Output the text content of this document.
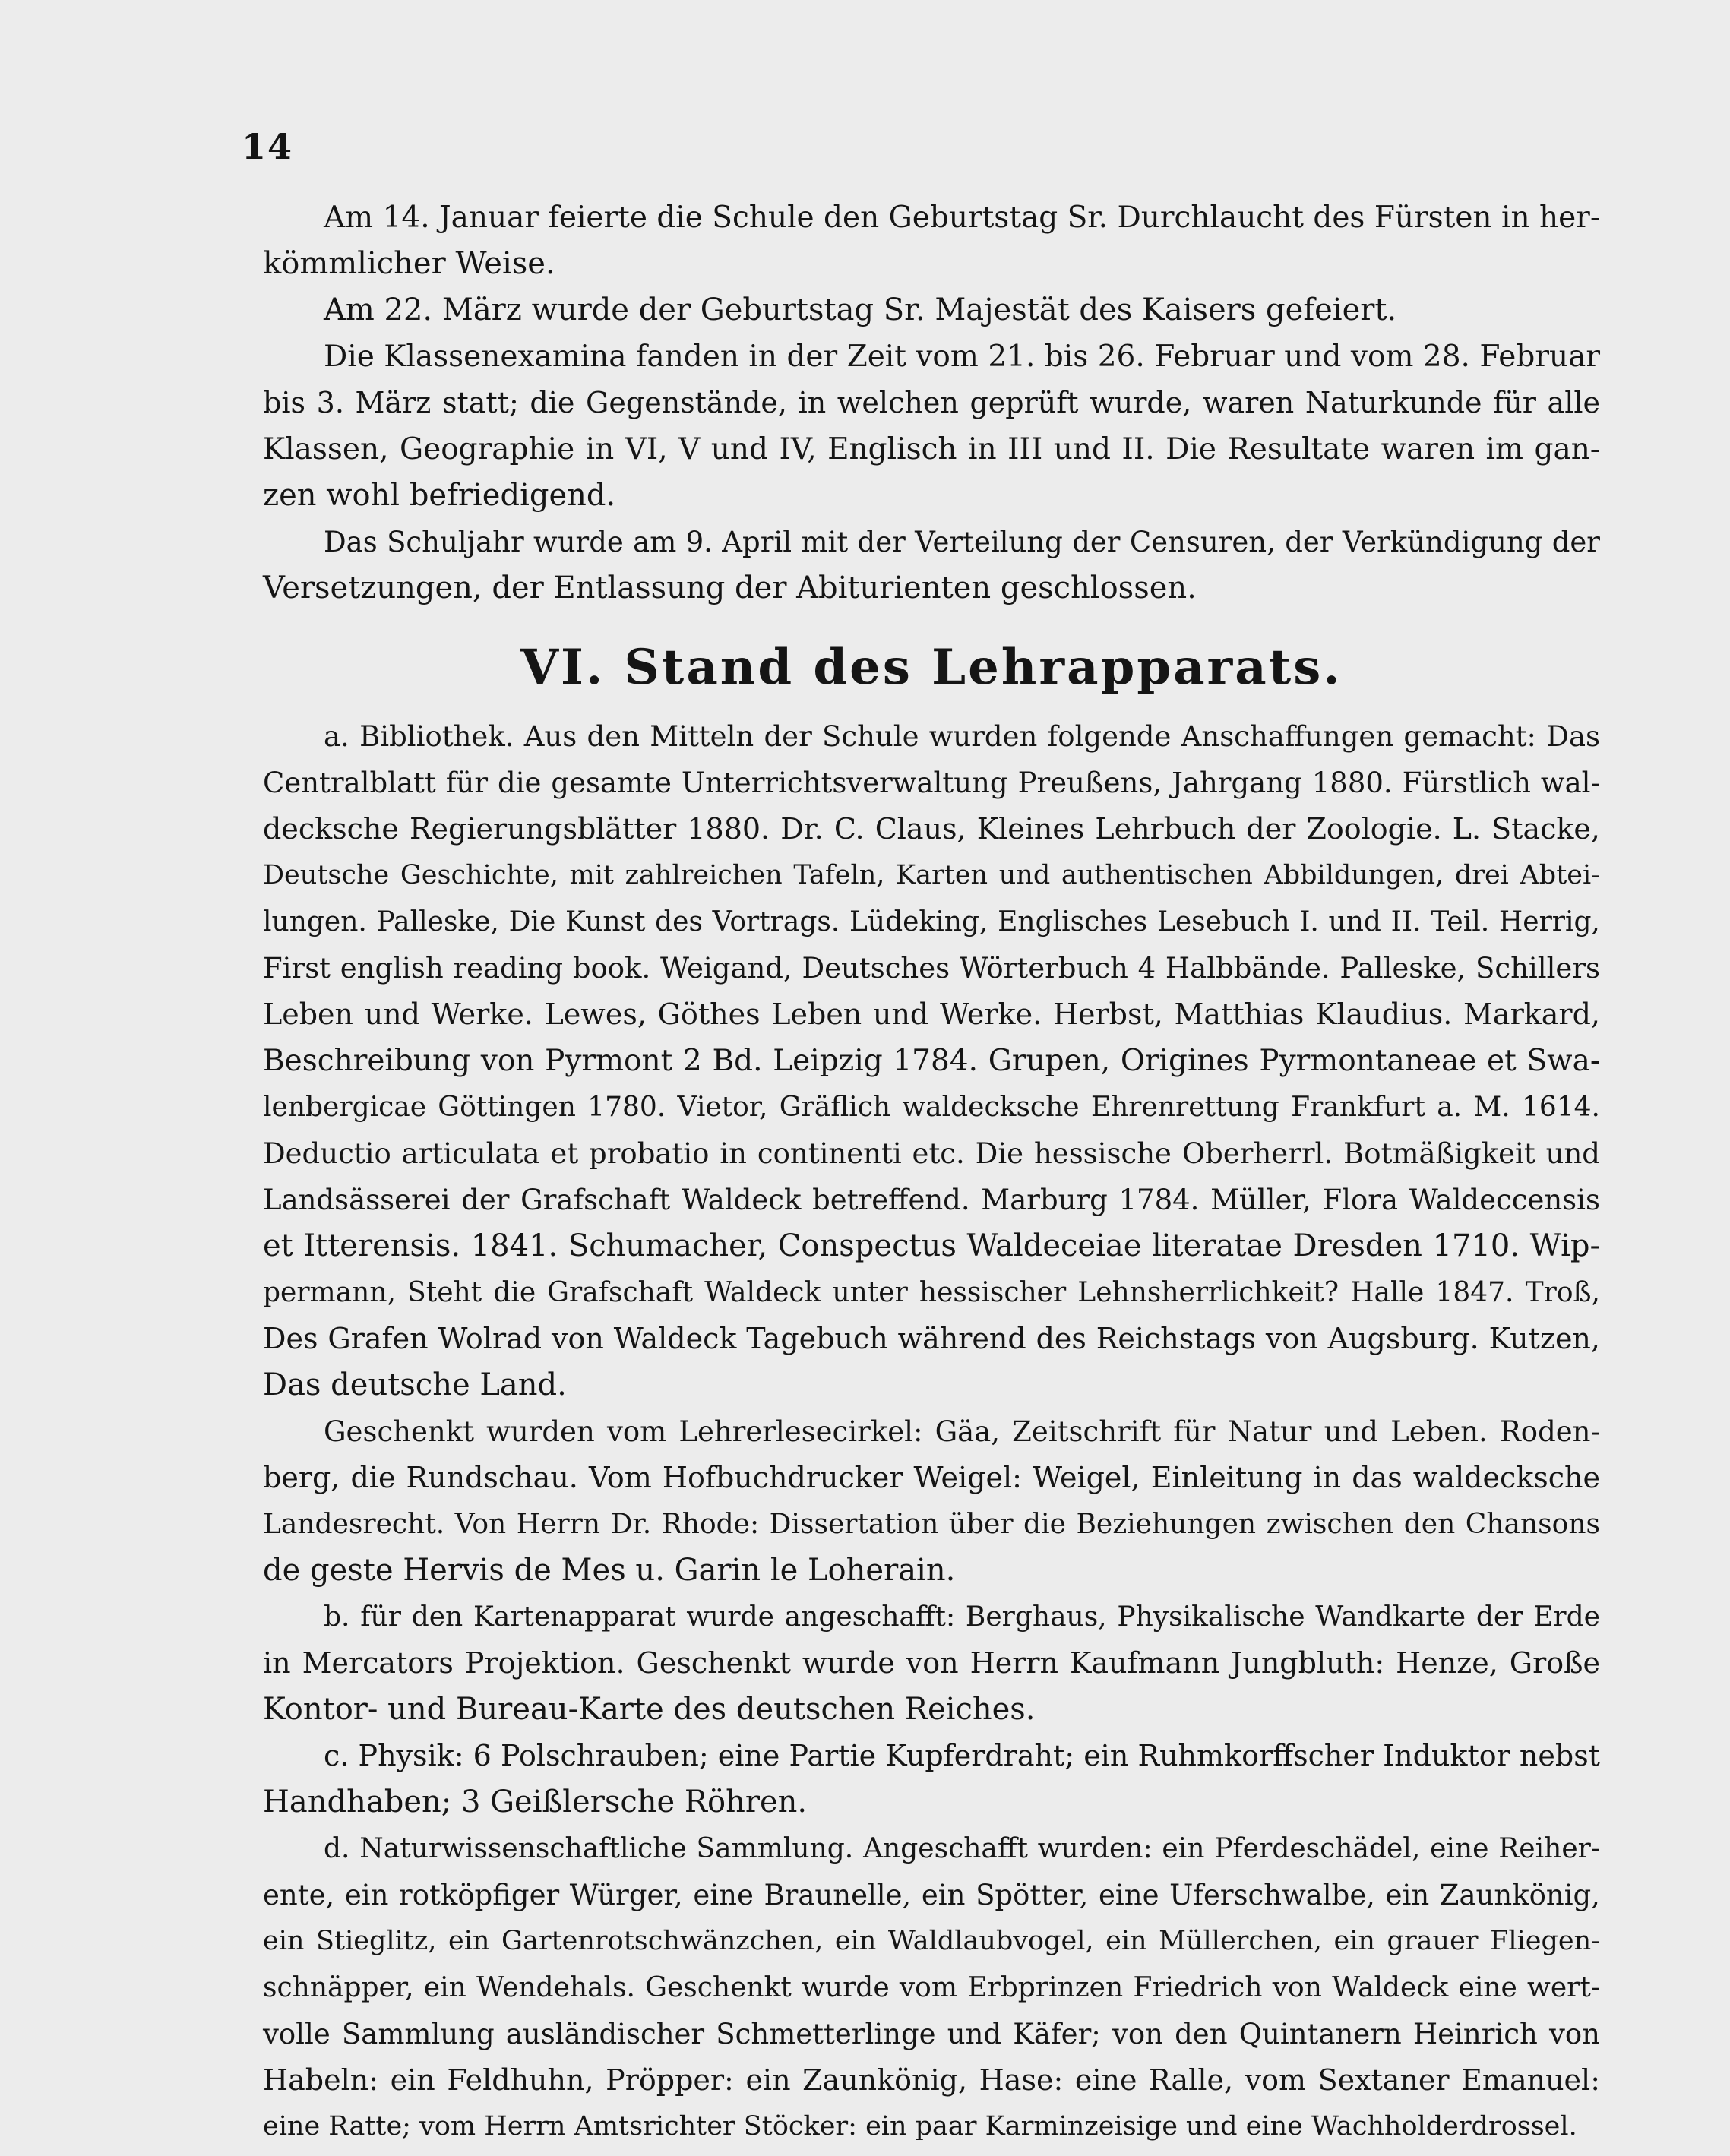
14
Am 14. Januar feierte die Schule den Geburtstag Sr. Durchlaucht des Fürsten in her-
kömmlicher Weise.
Am 22. März wurde der Geburtstag Sr. Majestät des Kaisers gefeiert.
Die Klassenexamina fanden in der Zeit vom 21. bis 26. Februar und vom 28. Februar
bis 3. März statt; die Gegenstände, in welchen geprüft wurde, waren Naturkunde für alle
Klassen, Geographie in VI, V und IV, Englisch in III und II. Die Resultate waren im gan-
zen wohl befriedigend.
Das Schuljahr wurde am 9. April mit der Verteilung der Censuren, der Verkündigung der
Versetzungen, der Entlassung der Abiturienten geschlossen.
VI. Stand des Lehrapparats.
a. Bibliothek. Aus den Mitteln der Schule wurden folgende Anschaffungen gemacht: Das
Centralblatt für die gesamte Unterrichtsverwaltung Preußens, Jahrgang 1880. Fürstlich wal-
decksche Regierungsblätter 1880. Dr. C. Claus, Kleines Lehrbuch der Zoologie. L. Stacke,
Deutsche Geschichte, mit zahlreichen Tafeln, Karten und authentischen Abbildungen, drei Abtei-
lungen. Palleske, Die Kunst des Vortrags. Lüdeking, Englisches Lesebuch I. und II. Teil. Herrig,
First english reading book. Weigand, Deutsches Wörterbuch 4 Halbbände. Palleske, Schillers
Leben und Werke. Lewes, Göthes Leben und Werke. Herbst, Matthias Klaudius. Markard,
Beschreibung von Pyrmont 2 Bd. Leipzig 1784. Grupen, Origines Pyrmontaneae et Swa-
lenbergicae Göttingen 1780. Vietor, Gräflich waldecksche Ehrenrettung Frankfurt a. M. 1614.
Deductio articulata et probatio in continenti etc. Die hessische Oberherrl. Botmäßigkeit und
Landsässerei der Grafschaft Waldeck betreffend. Marburg 1784. Müller, Flora Waldeccensis
et Itterensis. 1841. Schumacher, Conspectus Waldeceiae literatae Dresden 1710. Wip-
permann, Steht die Grafschaft Waldeck unter hessischer Lehnsherrlichkeit? Halle 1847. Troß,
Des Grafen Wolrad von Waldeck Tagebuch während des Reichstags von Augsburg. Kutzen,
Das deutsche Land.
Geschenkt wurden vom Lehrerlesecirkel: Gäa, Zeitschrift für Natur und Leben. Roden-
berg, die Rundschau. Vom Hofbuchdrucker Weigel: Weigel, Einleitung in das waldecksche
Landesrecht. Von Herrn Dr. Rhode: Dissertation über die Beziehungen zwischen den Chansons
de geste Hervis de Mes u. Garin le Loherain.
b. für den Kartenapparat wurde angeschafft: Berghaus, Physikalische Wandkarte der Erde
in Mercators Projektion. Geschenkt wurde von Herrn Kaufmann Jungbluth: Henze, Große
Kontor- und Bureau-Karte des deutschen Reiches.
c. Physik: 6 Polschrauben; eine Partie Kupferdraht; ein Ruhmkorffscher Induktor nebst
Handhaben; 3 Geißlersche Röhren.
d. Naturwissenschaftliche Sammlung. Angeschafft wurden: ein Pferdeschädel, eine Reiher-
ente, ein rotköpfiger Würger, eine Braunelle, ein Spötter, eine Uferschwalbe, ein Zaunkönig,
ein Stieglitz, ein Gartenrotschwänzchen, ein Waldlaubvogel, ein Müllerchen, ein grauer Fliegen-
schnäpper, ein Wendehals. Geschenkt wurde vom Erbprinzen Friedrich von Waldeck eine wert-
volle Sammlung ausländischer Schmetterlinge und Käfer; von den Quintanern Heinrich von
Habeln: ein Feldhuhn, Pröpper: ein Zaunkönig, Hase: eine Ralle, vom Sextaner Emanuel:
eine Ratte; vom Herrn Amtsrichter Stöcker: ein paar Karminzeisige und eine Wachholderdrossel.
